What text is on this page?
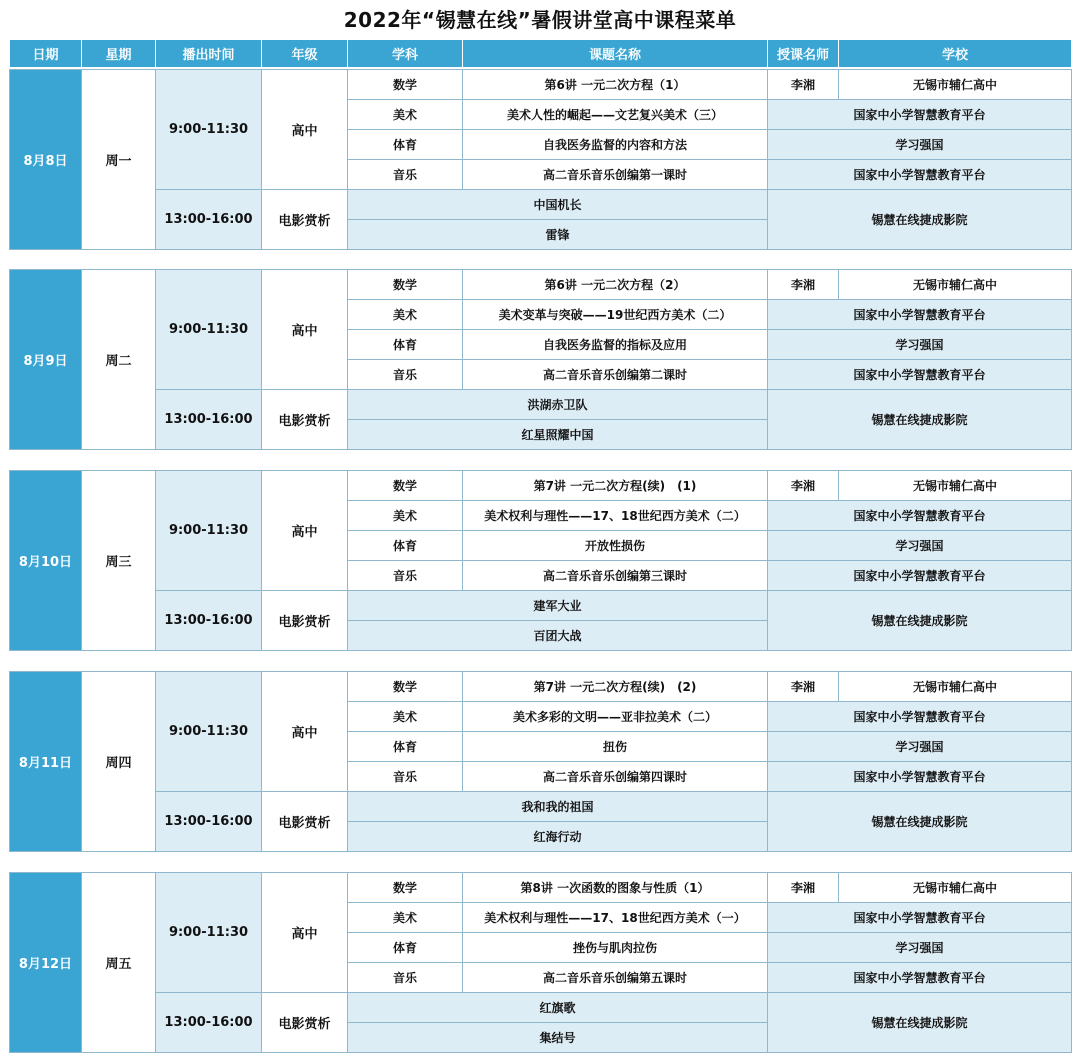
2022年“锡慧在线”暑假讲堂高中课程菜单
日期	星期	播出时间	年级	学科	课题名称	授课名师	学校
8月8日	周一	9:00-11:30	高中	数学	第6讲 一元二次方程（1）	李湘	无锡市辅仁高中
				美术	美术人性的崛起——文艺复兴美术（三）	国家中小学智慧教育平台	
				体育	自我医务监督的内容和方法	学习强国	
				音乐	高二音乐音乐创编第一课时	国家中小学智慧教育平台	
		13:00-16:00	电影赏析	中国机长		锡慧在线捷成影院	
				雷锋			
8月9日	周二	9:00-11:30	高中	数学	第6讲 一元二次方程（2）	李湘	无锡市辅仁高中
				美术	美术变革与突破——19世纪西方美术（二）	国家中小学智慧教育平台	
				体育	自我医务监督的指标及应用	学习强国	
				音乐	高二音乐音乐创编第二课时	国家中小学智慧教育平台	
		13:00-16:00	电影赏析	洪湖赤卫队		锡慧在线捷成影院	
				红星照耀中国			
8月10日	周三	9:00-11:30	高中	数学	第7讲 一元二次方程(续)　(1)	李湘	无锡市辅仁高中
				美术	美术权利与理性——17、18世纪西方美术（二）	国家中小学智慧教育平台	
				体育	开放性损伤	学习强国	
				音乐	高二音乐音乐创编第三课时	国家中小学智慧教育平台	
		13:00-16:00	电影赏析	建军大业		锡慧在线捷成影院	
				百团大战			
8月11日	周四	9:00-11:30	高中	数学	第7讲 一元二次方程(续)　(2)	李湘	无锡市辅仁高中
				美术	美术多彩的文明——亚非拉美术（二）	国家中小学智慧教育平台	
				体育	扭伤	学习强国	
				音乐	高二音乐音乐创编第四课时	国家中小学智慧教育平台	
		13:00-16:00	电影赏析	我和我的祖国		锡慧在线捷成影院	
				红海行动			
8月12日	周五	9:00-11:30	高中	数学	第8讲 一次函数的图象与性质（1）	李湘	无锡市辅仁高中
				美术	美术权利与理性——17、18世纪西方美术（一）	国家中小学智慧教育平台	
				体育	挫伤与肌肉拉伤	学习强国	
				音乐	高二音乐音乐创编第五课时	国家中小学智慧教育平台	
		13:00-16:00	电影赏析	红旗歌		锡慧在线捷成影院	
				集结号			
